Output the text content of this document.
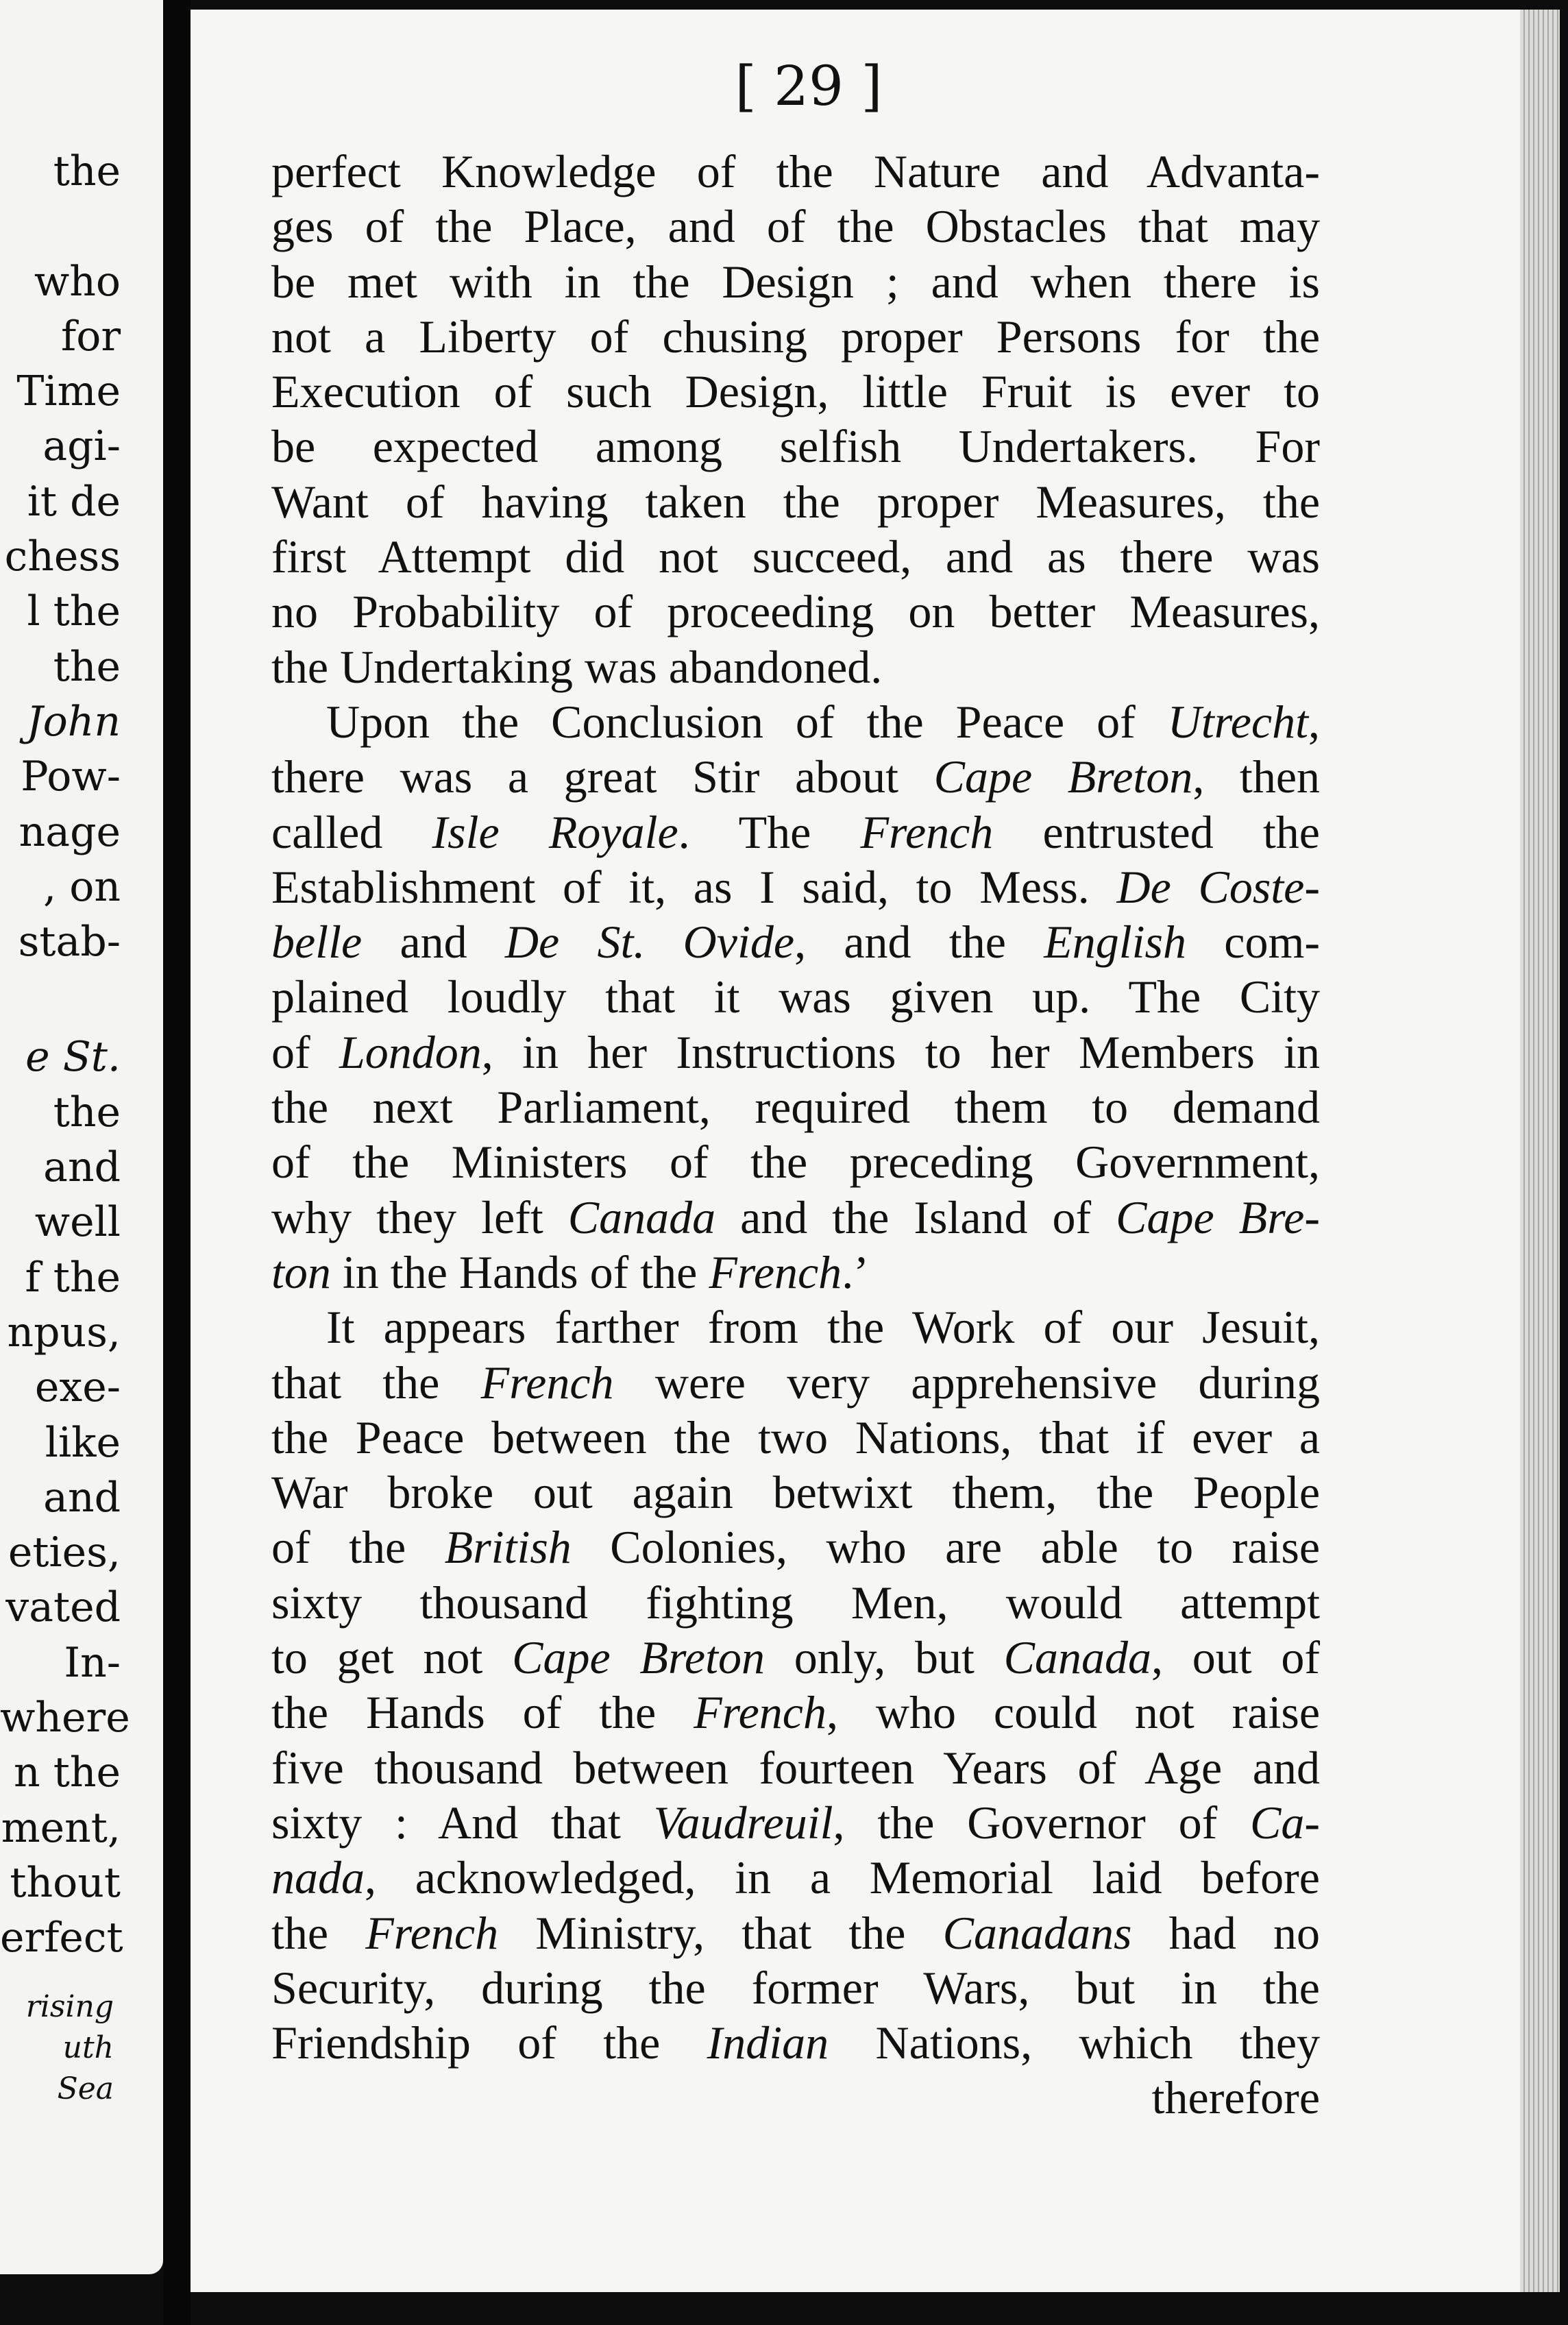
the
who
for
Time
agi-
it de
chess
l the
the
John
Pow-
nage
, on
stab-
e St.
the
and
well
f the
npus,
exe-
like
and
eties,
vated
In-
where
n the
ment,
thout
erfect
rising
uth Sea
[ 29 ]
perfect Knowledge of the Nature and Advanta-
ges of the Place, and of the Obstacles that may
be met with in the Design ; and when there is
not a Liberty of chusing proper Persons for the
Execution of such Design, little Fruit is ever to
be expected among selfish Undertakers. For
Want of having taken the proper Measures, the
first Attempt did not succeed, and as there was
no Probability of proceeding on better Measures,
the Undertaking was abandoned.
Upon the Conclusion of the Peace of Utrecht,
there was a great Stir about Cape Breton, then
called Isle Royale. The French entrusted the
Establishment of it, as I said, to Mess. De Coste-
belle and De St. Ovide, and the English com-
plained loudly that it was given up. The City
of London, in her Instructions to her Members in
the next Parliament, required them to demand
of the Ministers of the preceding Government,
why they left Canada and the Island of Cape Bre-
ton in the Hands of the French.’
It appears farther from the Work of our Jesuit,
that the French were very apprehensive during
the Peace between the two Nations, that if ever a
War broke out again betwixt them, the People
of the British Colonies, who are able to raise
sixty thousand fighting Men, would attempt
to get not Cape Breton only, but Canada, out of
the Hands of the French, who could not raise
five thousand between fourteen Years of Age and
sixty : And that Vaudreuil, the Governor of Ca-
nada, acknowledged, in a Memorial laid before
the French Ministry, that the Canadans had no
Security, during the former Wars, but in the
Friendship of the Indian Nations, which they
therefore
